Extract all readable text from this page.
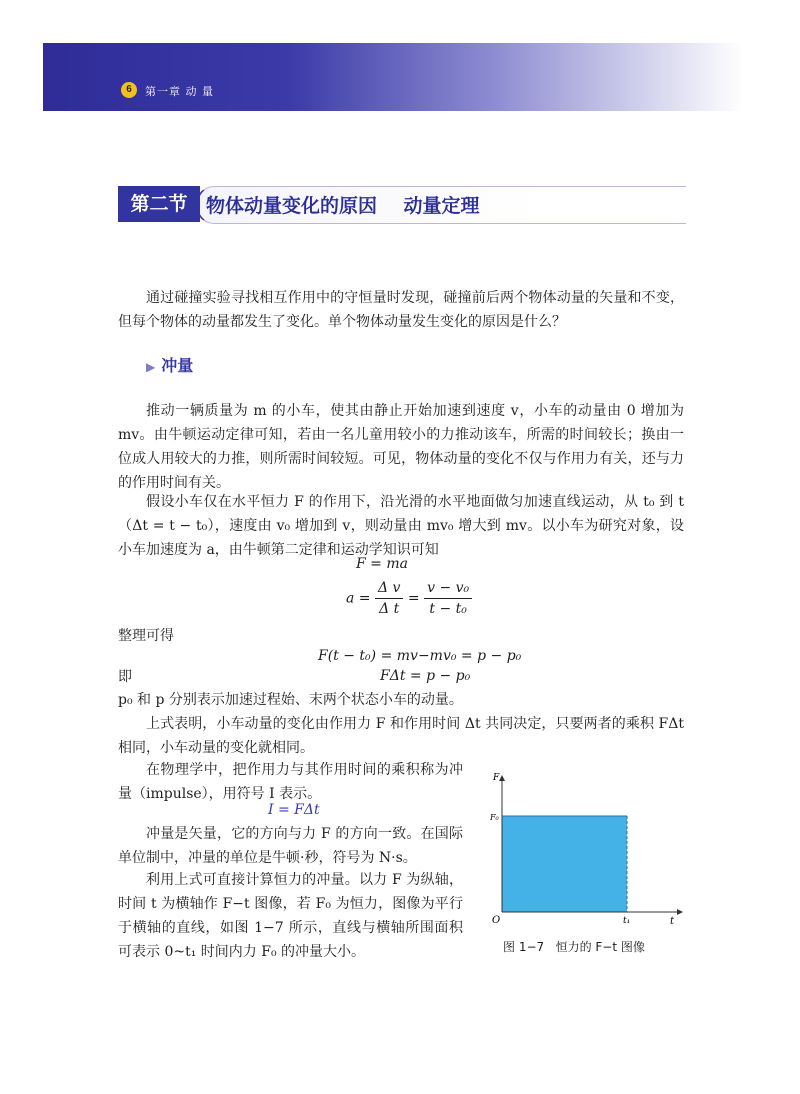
6	第一章 动 量
第二节 物体动量变化的原因    动量定理

通过碰撞实验寻找相互作用中的守恒量时发现，碰撞前后两个物体动量的矢量和不变，但每个物体的动量都发生了变化。单个物体动量发生变化的原因是什么？

▶ 冲量

推动一辆质量为 m 的小车，使其由静止开始加速到速度 v，小车的动量由 0 增加为 mv。由牛顿运动定律可知，若由一名儿童用较小的力推动该车，所需的时间较长；换由一位成人用较大的力推，则所需时间较短。可见，物体动量的变化不仅与作用力有关，还与力的作用时间有关。

假设小车仅在水平恒力 F 的作用下，沿光滑的水平地面做匀加速直线运动，从 t₀ 到 t（Δt = t − t₀），速度由 v₀ 增加到 v，则动量由 mv₀ 增大到 mv。以小车为研究对象，设小车加速度为 a，由牛顿第二定律和运动学知识可知

F = ma
$a = \frac{\text{Δ v}}{\text{Δ t}} = \frac{\text{v − v₀}}{\text{t − t₀}}$

整理可得

F(t − t₀) = mv−mv₀ = p − p₀
即	FΔt = p − p₀

p₀ 和 p 分别表示加速过程始、末两个状态小车的动量。

上式表明，小车动量的变化由作用力 F 和作用时间 Δt 共同决定，只要两者的乘积 FΔt 相同，小车动量的变化就相同。

在物理学中，把作用力与其作用时间的乘积称为冲量（impulse），用符号 I 表示。

I = FΔt

冲量是矢量，它的方向与力 F 的方向一致。在国际单位制中，冲量的单位是牛顿·秒，符号为 N·s。

利用上式可直接计算恒力的冲量。以力 F 为纵轴，时间 t 为横轴作 F−t 图像，若 F₀ 为恒力，图像为平行于横轴的直线，如图 1−7 所示，直线与横轴所围面积可表示 0~t₁ 时间内力 F₀ 的冲量大小。

F
t
O
F₀
t₁
图 1−7   恒力的 F−t 图像
